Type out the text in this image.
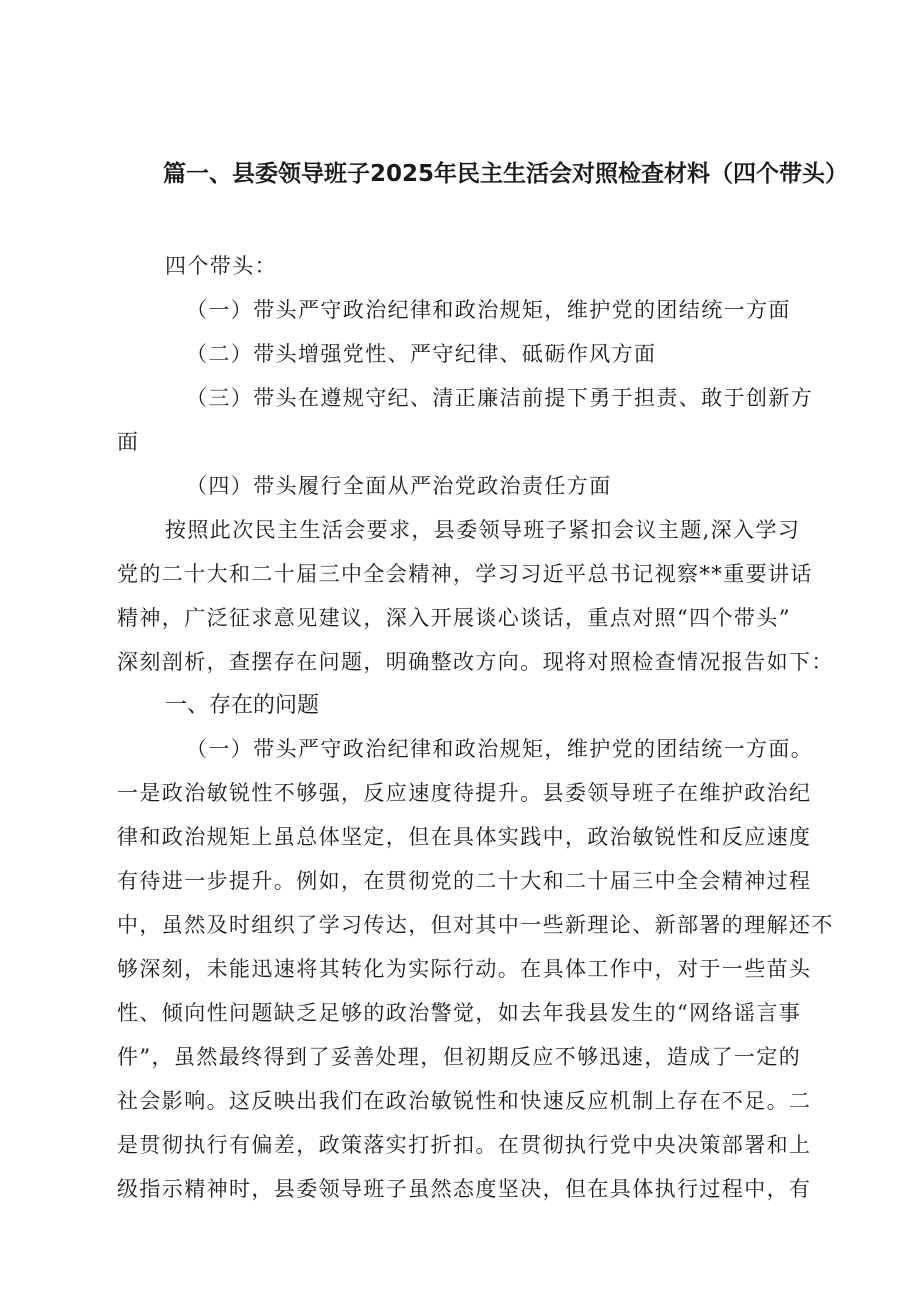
篇一、县委领导班子2025年民主生活会对照检查材料（四个带头）
四个带头：
（一）带头严守政治纪律和政治规矩，维护党的团结统一方面
（二）带头增强党性、严守纪律、砥砺作风方面
（三）带头在遵规守纪、清正廉洁前提下勇于担责、敢于创新方
面
（四）带头履行全面从严治党政治责任方面
按照此次民主生活会要求，县委领导班子紧扣会议主题,深入学习
党的二十大和二十届三中全会精神，学习习近平总书记视察**重要讲话
精神，广泛征求意见建议，深入开展谈心谈话，重点对照“四个带头”
深刻剖析，查摆存在问题，明确整改方向。现将对照检查情况报告如下：
一、存在的问题
（一）带头严守政治纪律和政治规矩，维护党的团结统一方面。
一是政治敏锐性不够强，反应速度待提升。县委领导班子在维护政治纪
律和政治规矩上虽总体坚定，但在具体实践中，政治敏锐性和反应速度
有待进一步提升。例如，在贯彻党的二十大和二十届三中全会精神过程
中，虽然及时组织了学习传达，但对其中一些新理论、新部署的理解还不
够深刻，未能迅速将其转化为实际行动。在具体工作中，对于一些苗头
性、倾向性问题缺乏足够的政治警觉，如去年我县发生的“网络谣言事
件”，虽然最终得到了妥善处理，但初期反应不够迅速，造成了一定的
社会影响。这反映出我们在政治敏锐性和快速反应机制上存在不足。二
是贯彻执行有偏差，政策落实打折扣。在贯彻执行党中央决策部署和上
级指示精神时，县委领导班子虽然态度坚决，但在具体执行过程中，有
